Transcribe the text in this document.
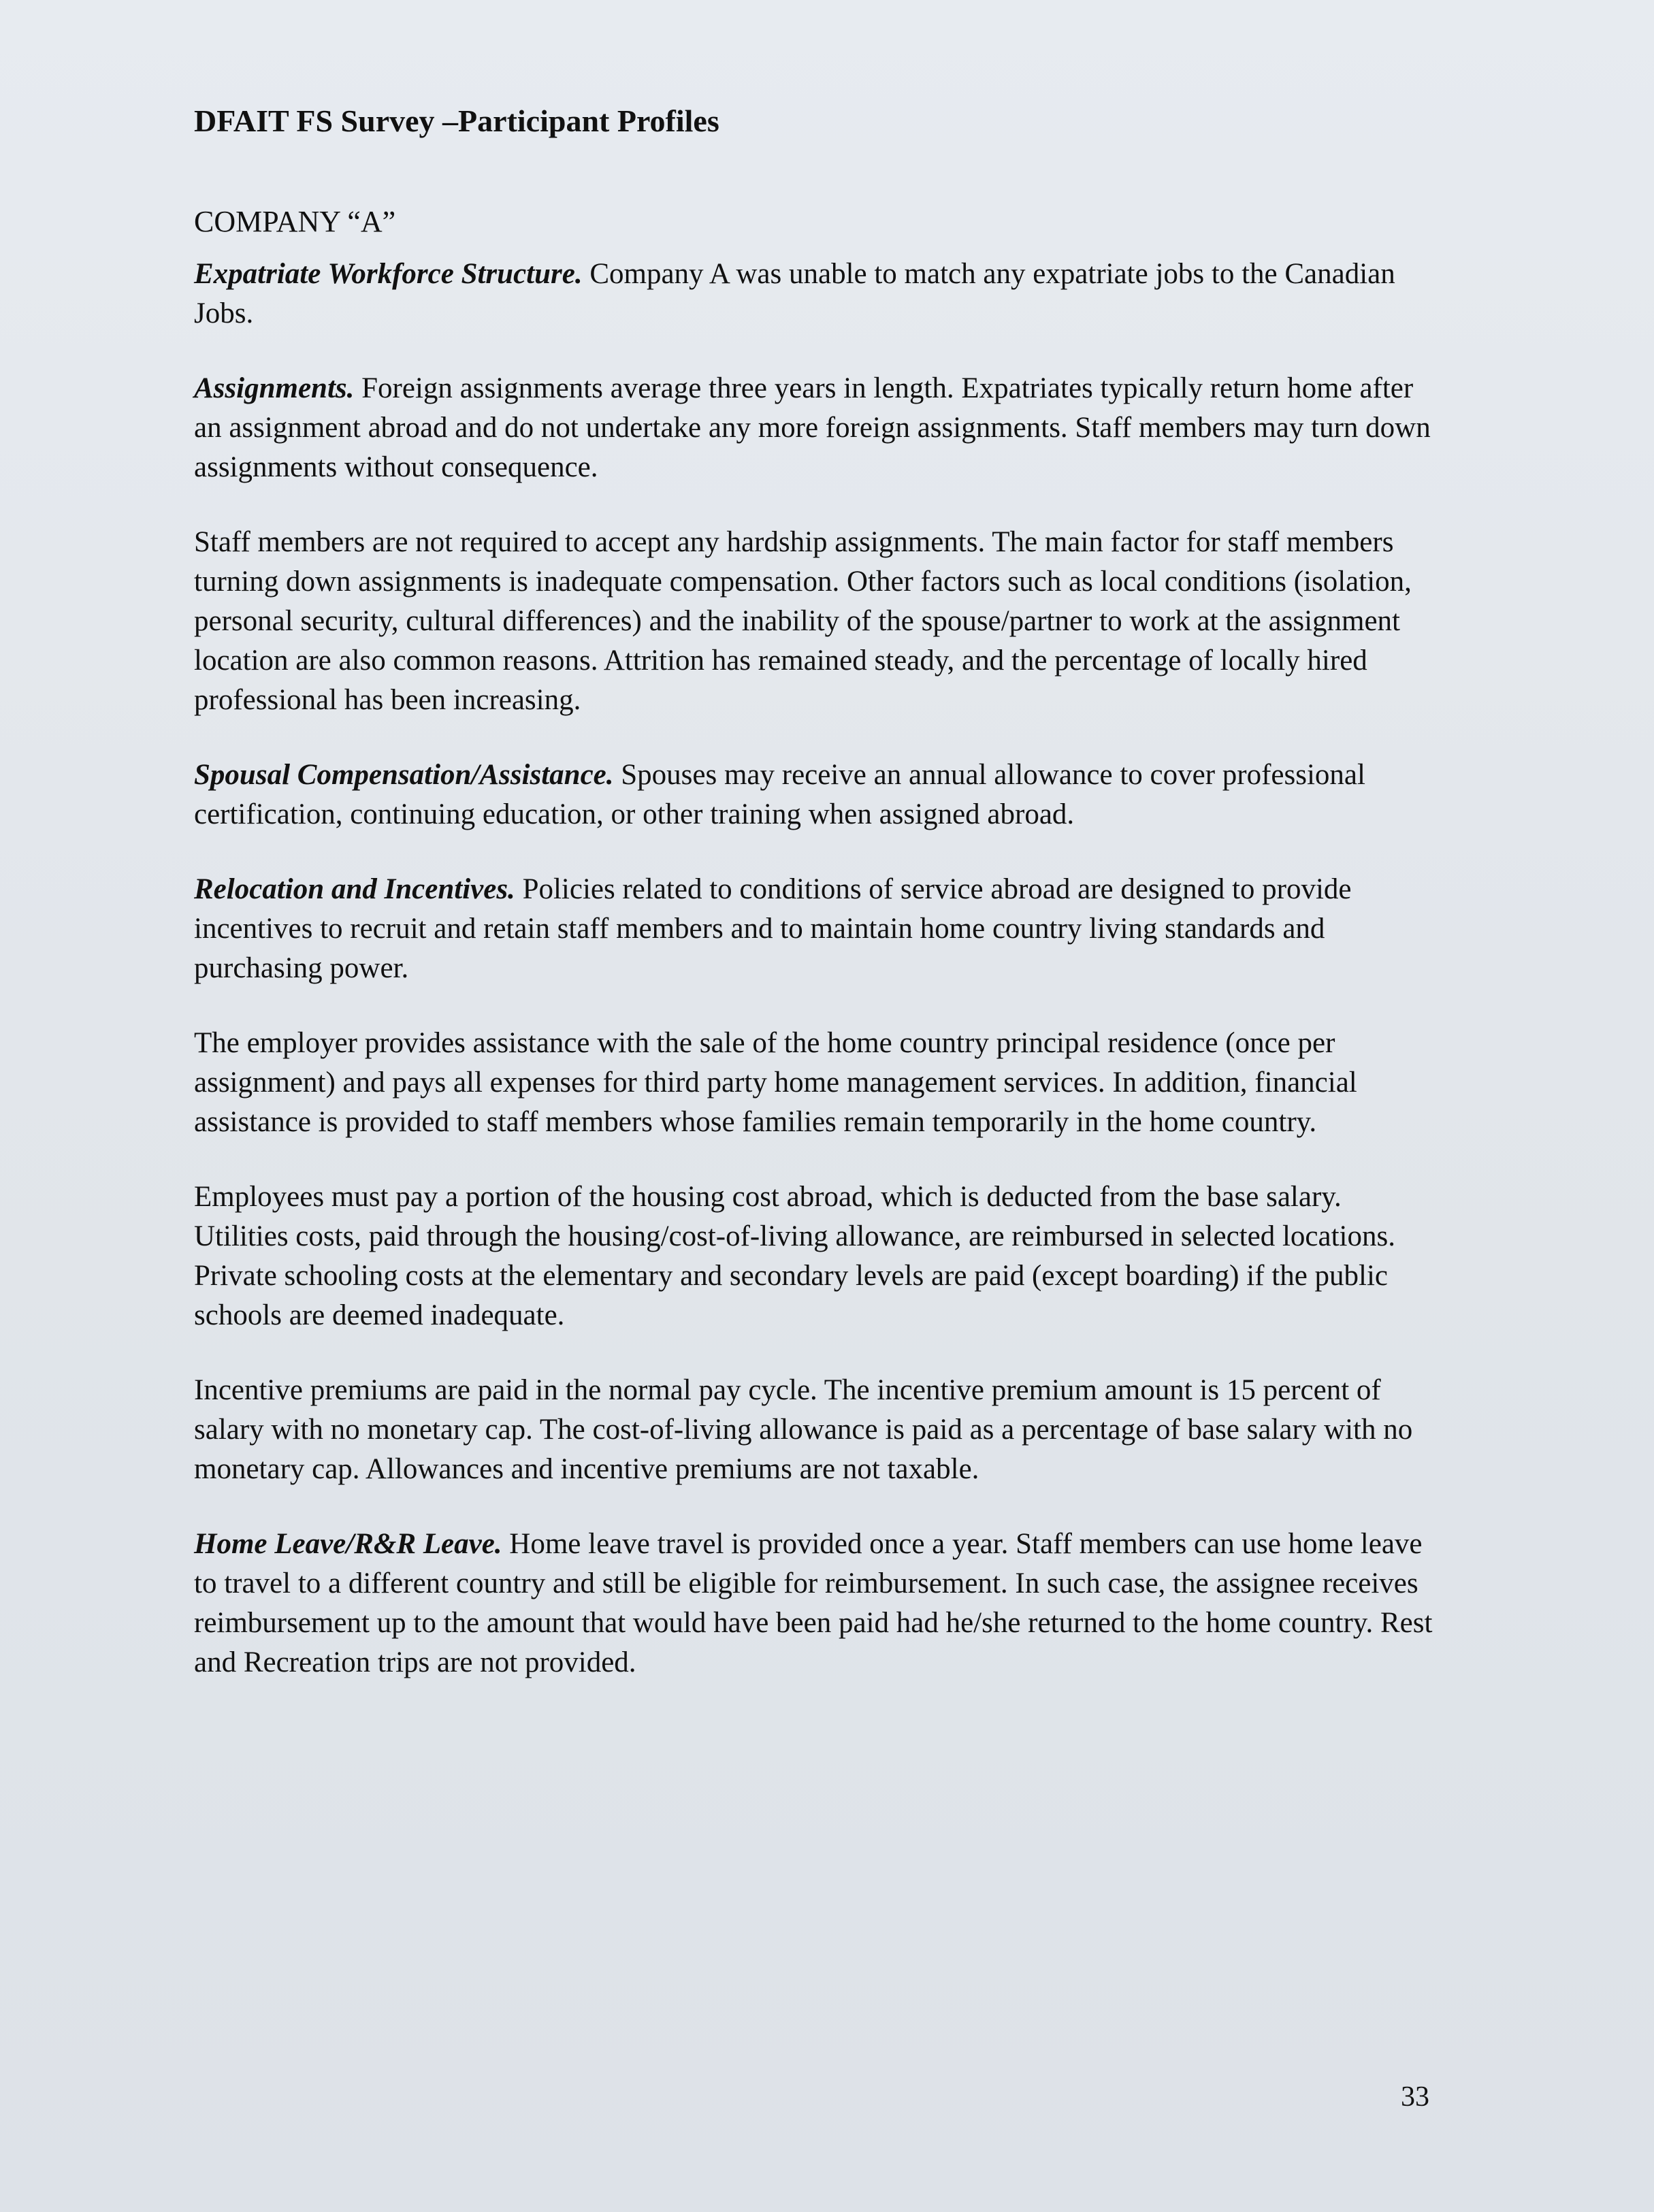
DFAIT FS Survey –Participant Profiles
COMPANY “A”

Expatriate Workforce Structure. Company A was unable to match any expatriate jobs to the Canadian Jobs.

Assignments. Foreign assignments average three years in length. Expatriates typically return home after an assignment abroad and do not undertake any more foreign assignments. Staff members may turn down assignments without consequence.

Staff members are not required to accept any hardship assignments. The main factor for staff members turning down assignments is inadequate compensation. Other factors such as local conditions (isolation, personal security, cultural differences) and the inability of the spouse/partner to work at the assignment location are also common reasons. Attrition has remained steady, and the percentage of locally hired professional has been increasing.

Spousal Compensation/Assistance. Spouses may receive an annual allowance to cover professional certification, continuing education, or other training when assigned abroad.

Relocation and Incentives. Policies related to conditions of service abroad are designed to provide incentives to recruit and retain staff members and to maintain home country living standards and purchasing power.

The employer provides assistance with the sale of the home country principal residence (once per assignment) and pays all expenses for third party home management services. In addition, financial assistance is provided to staff members whose families remain temporarily in the home country.

Employees must pay a portion of the housing cost abroad, which is deducted from the base salary. Utilities costs, paid through the housing/cost-of-living allowance, are reimbursed in selected locations. Private schooling costs at the elementary and secondary levels are paid (except boarding) if the public schools are deemed inadequate.

Incentive premiums are paid in the normal pay cycle. The incentive premium amount is 15 percent of salary with no monetary cap. The cost-of-living allowance is paid as a percentage of base salary with no monetary cap. Allowances and incentive premiums are not taxable.

Home Leave/R&R Leave. Home leave travel is provided once a year. Staff members can use home leave to travel to a different country and still be eligible for reimbursement. In such case, the assignee receives reimbursement up to the amount that would have been paid had he/she returned to the home country. Rest and Recreation trips are not provided.

33
